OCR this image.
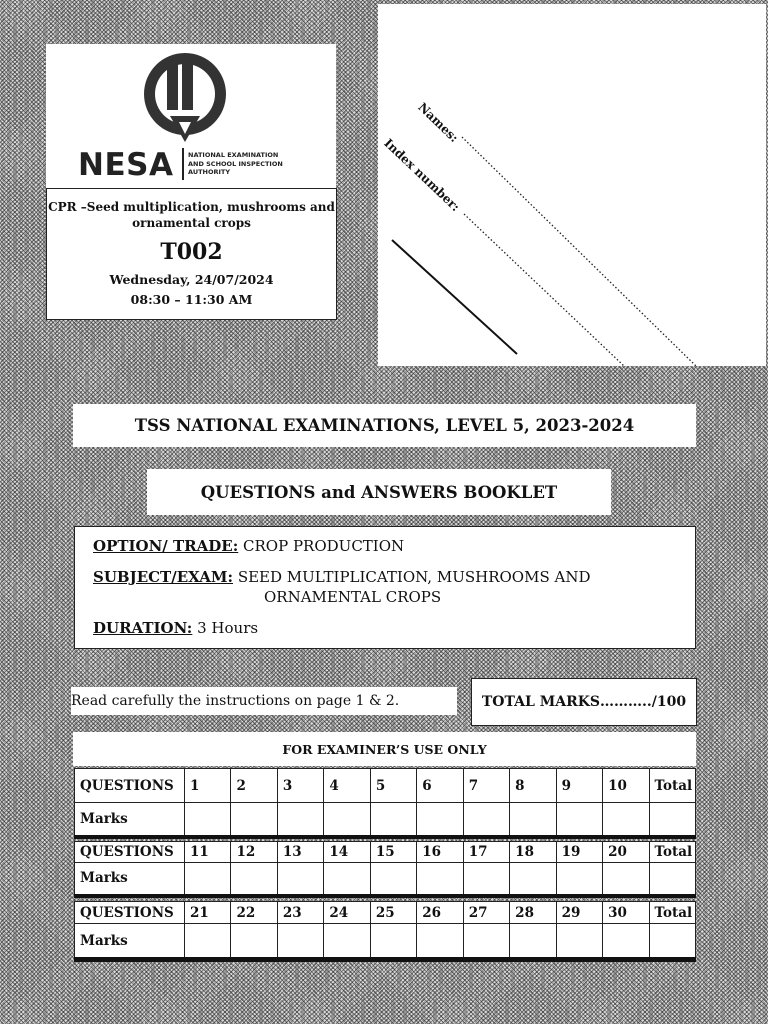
NESA NATIONAL EXAMINATION
AND SCHOOL INSPECTION
AUTHORITY
CPR –Seed multiplication, mushrooms and ornamental crops
T002
Wednesday, 24/07/2024
08:30 – 11:30 AM
Names:
Index number:
TSS NATIONAL EXAMINATIONS, LEVEL 5, 2023-2024
QUESTIONS and ANSWERS BOOKLET
OPTION/ TRADE: CROP PRODUCTION
SUBJECT/EXAM: SEED MULTIPLICATION, MUSHROOMS AND
ORNAMENTAL CROPS
DURATION: 3 Hours
Read carefully the instructions on page 1 & 2.	TOTAL MARKS………../100
FOR EXAMINER’S USE ONLY
QUESTIONS	1	2	3	4	5	6	7	8	9	10	Total
Marks											
QUESTIONS	11	12	13	14	15	16	17	18	19	20	Total
Marks											
QUESTIONS	21	22	23	24	25	26	27	28	29	30	Total
Marks											
